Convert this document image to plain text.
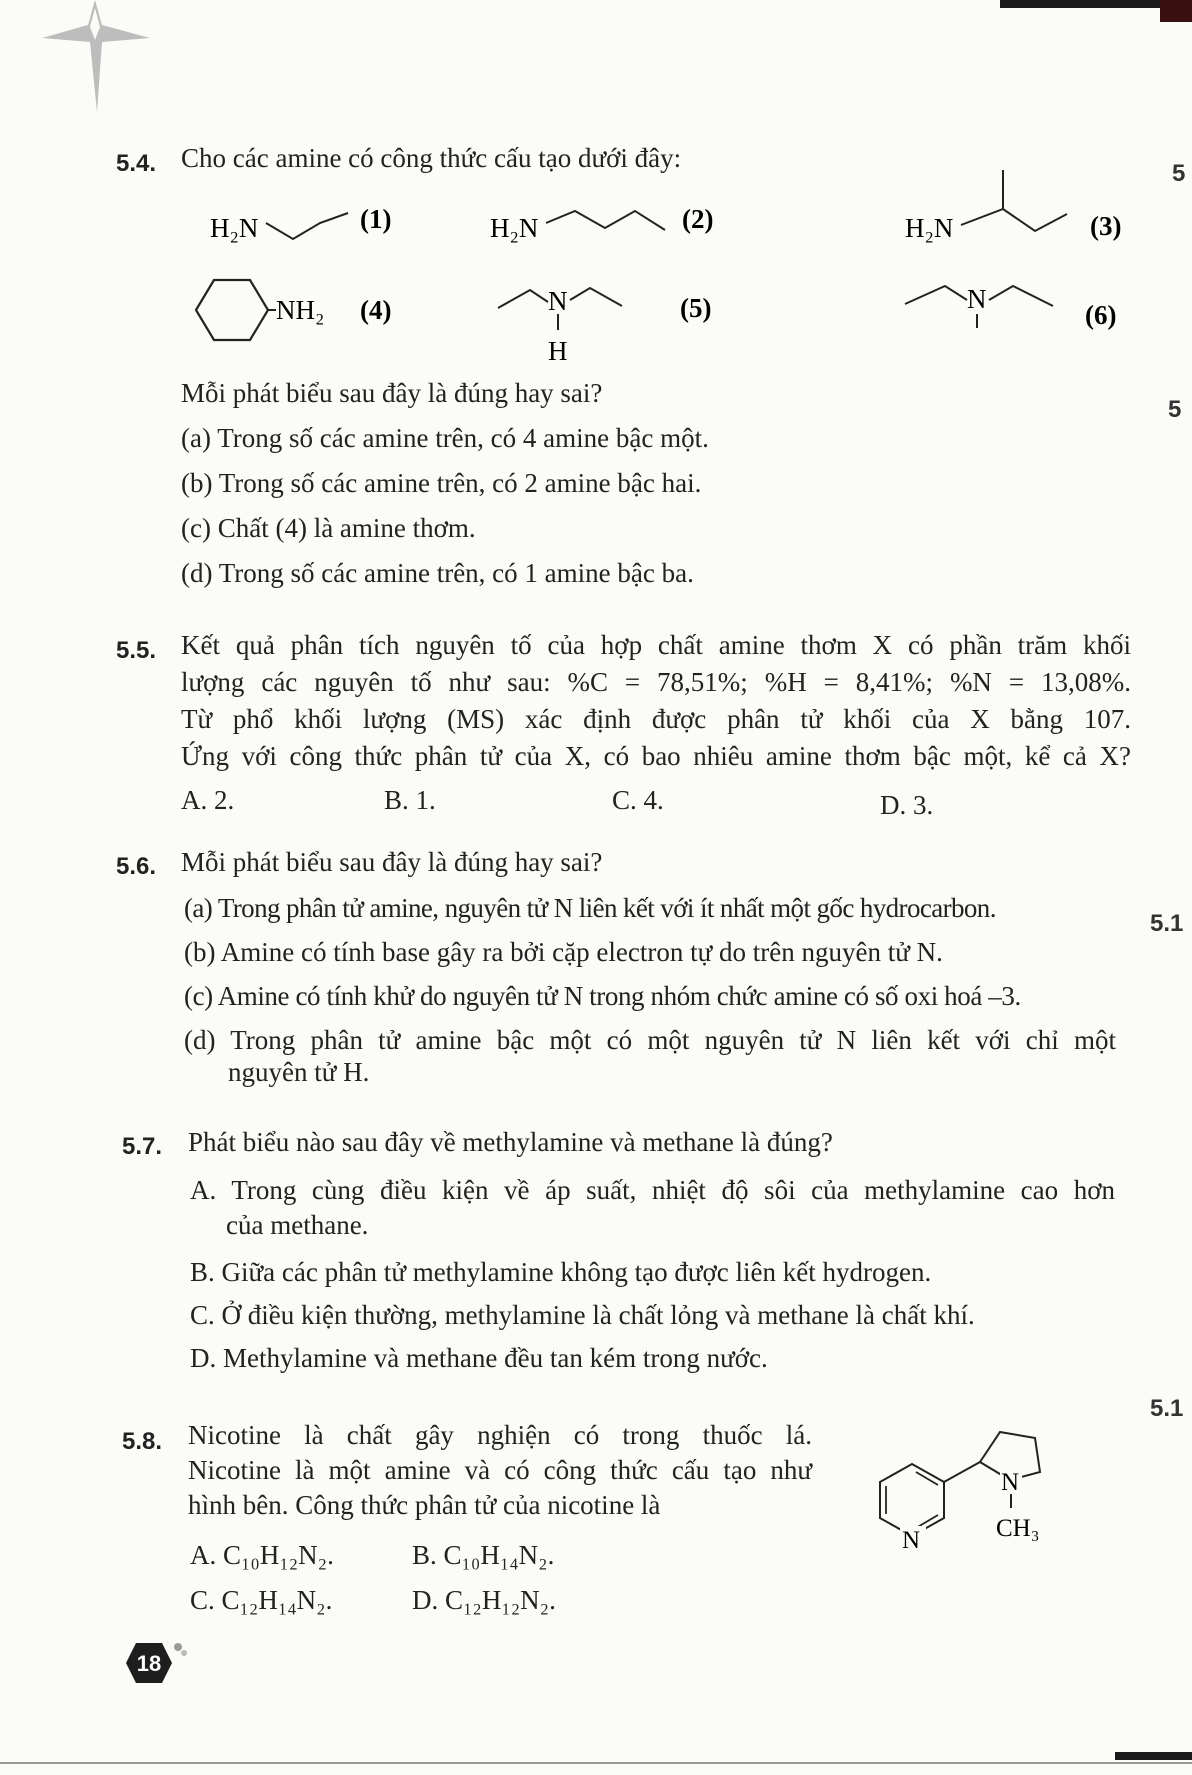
5
5
5.1
5.1
5.4. Cho các amine có công thức cấu tạo dưới đây:
H₂N	(1)	H₂N	(2)	H₂N	(3)
NH₂ (4)	N
H
(5)	N
(6)
Mỗi phát biểu sau đây là đúng hay sai?
(a) Trong số các amine trên, có 4 amine bậc một.
(b) Trong số các amine trên, có 2 amine bậc hai.
(c) Chất (4) là amine thơm.
(d) Trong số các amine trên, có 1 amine bậc ba.
5.5. Kết quả phân tích nguyên tố của hợp chất amine thơm X có phần trăm khối
lượng các nguyên tố như sau: %C = 78,51%; %H = 8,41%; %N = 13,08%.
Từ phổ khối lượng (MS) xác định được phân tử khối của X bằng 107.
Ứng với công thức phân tử của X, có bao nhiêu amine thơm bậc một, kể cả X?
A. 2.	B. 1.	C. 4.	D. 3.
5.6. Mỗi phát biểu sau đây là đúng hay sai?
(a) Trong phân tử amine, nguyên tử N liên kết với ít nhất một gốc hydrocarbon.
(b) Amine có tính base gây ra bởi cặp electron tự do trên nguyên tử N.
(c) Amine có tính khử do nguyên tử N trong nhóm chức amine có số oxi hoá –3.
(d) Trong phân tử amine bậc một có một nguyên tử N liên kết với chỉ một
nguyên tử H.
5.7. Phát biểu nào sau đây về methylamine và methane là đúng?
A. Trong cùng điều kiện về áp suất, nhiệt độ sôi của methylamine cao hơn
của methane.
B. Giữa các phân tử methylamine không tạo được liên kết hydrogen.
C. Ở điều kiện thường, methylamine là chất lỏng và methane là chất khí.
D. Methylamine và methane đều tan kém trong nước.
5.8. Nicotine là chất gây nghiện có trong thuốc lá.
Nicotine là một amine và có công thức cấu tạo như
hình bên. Công thức phân tử của nicotine là
N
N
CH₃
A. C₁₀H₁₂N₂.	B. C₁₀H₁₄N₂.
C. C₁₂H₁₄N₂.	D. C₁₂H₁₂N₂.
18
